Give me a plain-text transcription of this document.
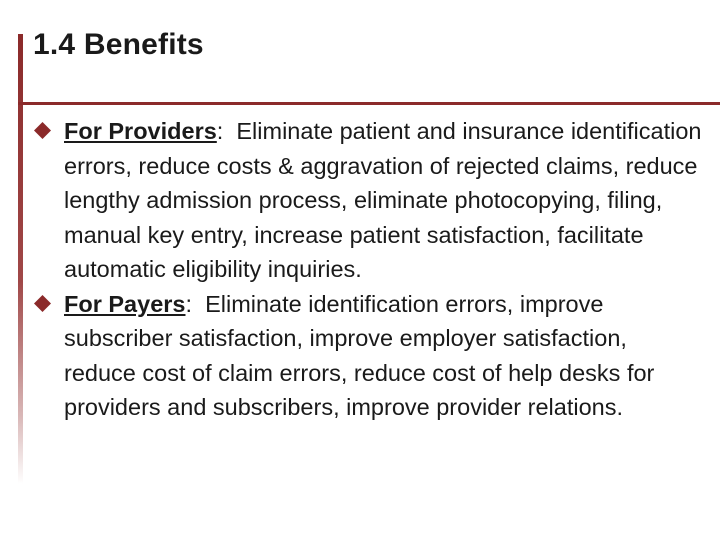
1.4 Benefits
For Providers:  Eliminate patient and insurance identification errors, reduce costs & aggravation of rejected claims, reduce lengthy admission process, eliminate photocopying, filing, manual key entry, increase patient satisfaction, facilitate automatic eligibility inquiries.
For Payers:  Eliminate identification errors, improve subscriber satisfaction, improve employer satisfaction, reduce cost of claim errors, reduce cost of help desks for providers and subscribers, improve provider relations.
